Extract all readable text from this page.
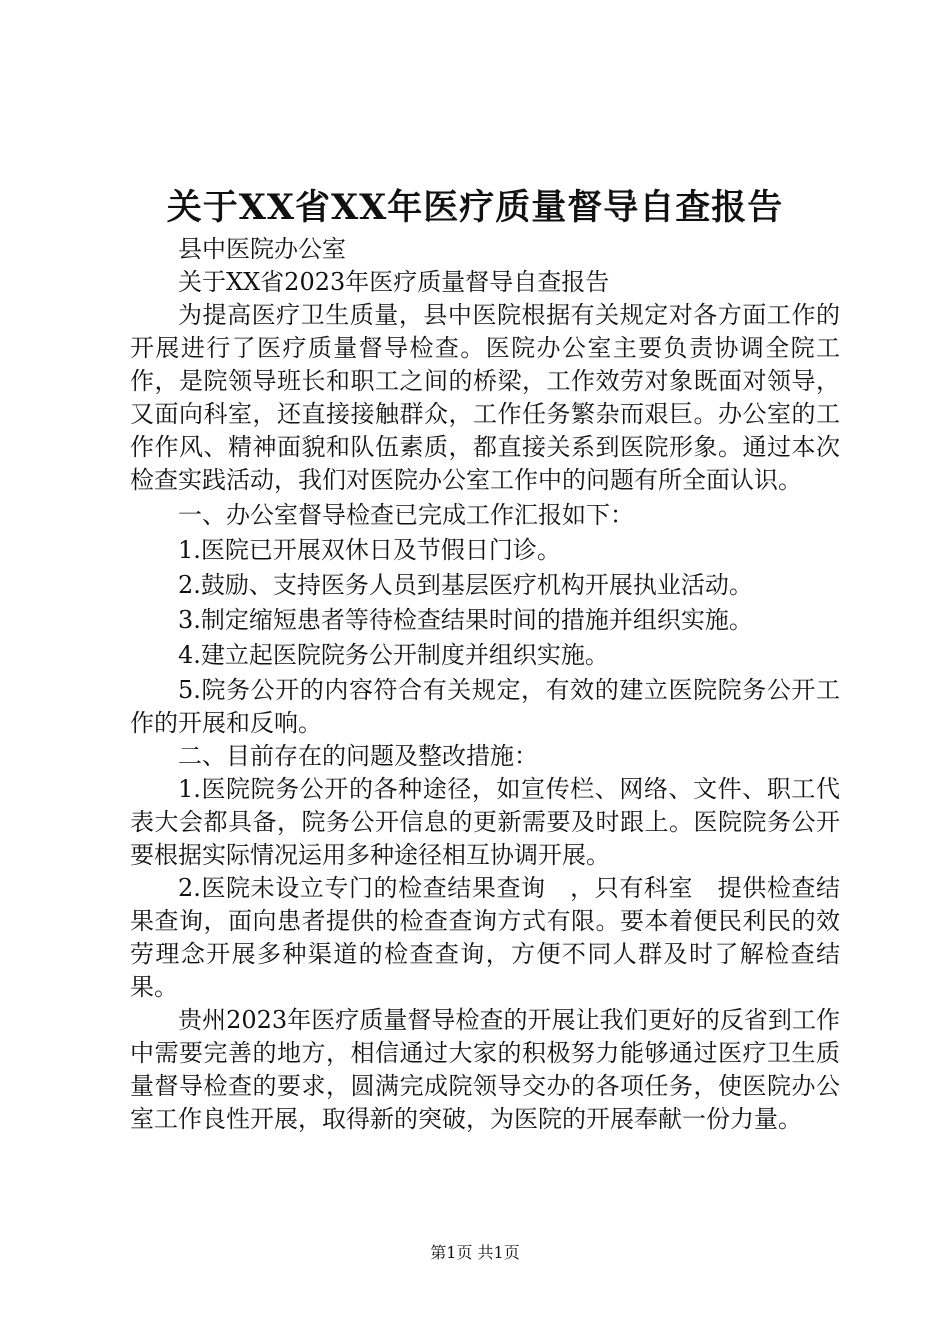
关于XX省XX年医疗质量督导自查报告

县中医院办公室

关于XX省2023年医疗质量督导自查报告

为提高医疗卫生质量，县中医院根据有关规定对各方面工作的开展进行了医疗质量督导检查。医院办公室主要负责协调全院工作，是院领导班长和职工之间的桥梁，工作效劳对象既面对领导，又面向科室，还直接接触群众，工作任务繁杂而艰巨。办公室的工作作风、精神面貌和队伍素质，都直接关系到医院形象。通过本次检查实践活动，我们对医院办公室工作中的问题有所全面认识。

一、办公室督导检查已完成工作汇报如下：

1.医院已开展双休日及节假日门诊。

2.鼓励、支持医务人员到基层医疗机构开展执业活动。

3.制定缩短患者等待检查结果时间的措施并组织实施。

4.建立起医院院务公开制度并组织实施。

5.院务公开的内容符合有关规定，有效的建立医院院务公开工作的开展和反响。

二、目前存在的问题及整改措施：

1.医院院务公开的各种途径，如宣传栏、网络、文件、职工代表大会都具备，院务公开信息的更新需要及时跟上。医院院务公开要根据实际情况运用多种途径相互协调开展。

2.医院未设立专门的检查结果查询　，只有科室　提供检查结果查询，面向患者提供的检查查询方式有限。要本着便民利民的效劳理念开展多种渠道的检查查询，方便不同人群及时了解检查结果。

贵州2023年医疗质量督导检查的开展让我们更好的反省到工作中需要完善的地方，相信通过大家的积极努力能够通过医疗卫生质量督导检查的要求，圆满完成院领导交办的各项任务，使医院办公室工作良性开展，取得新的突破，为医院的开展奉献一份力量。

第1页 共1页
